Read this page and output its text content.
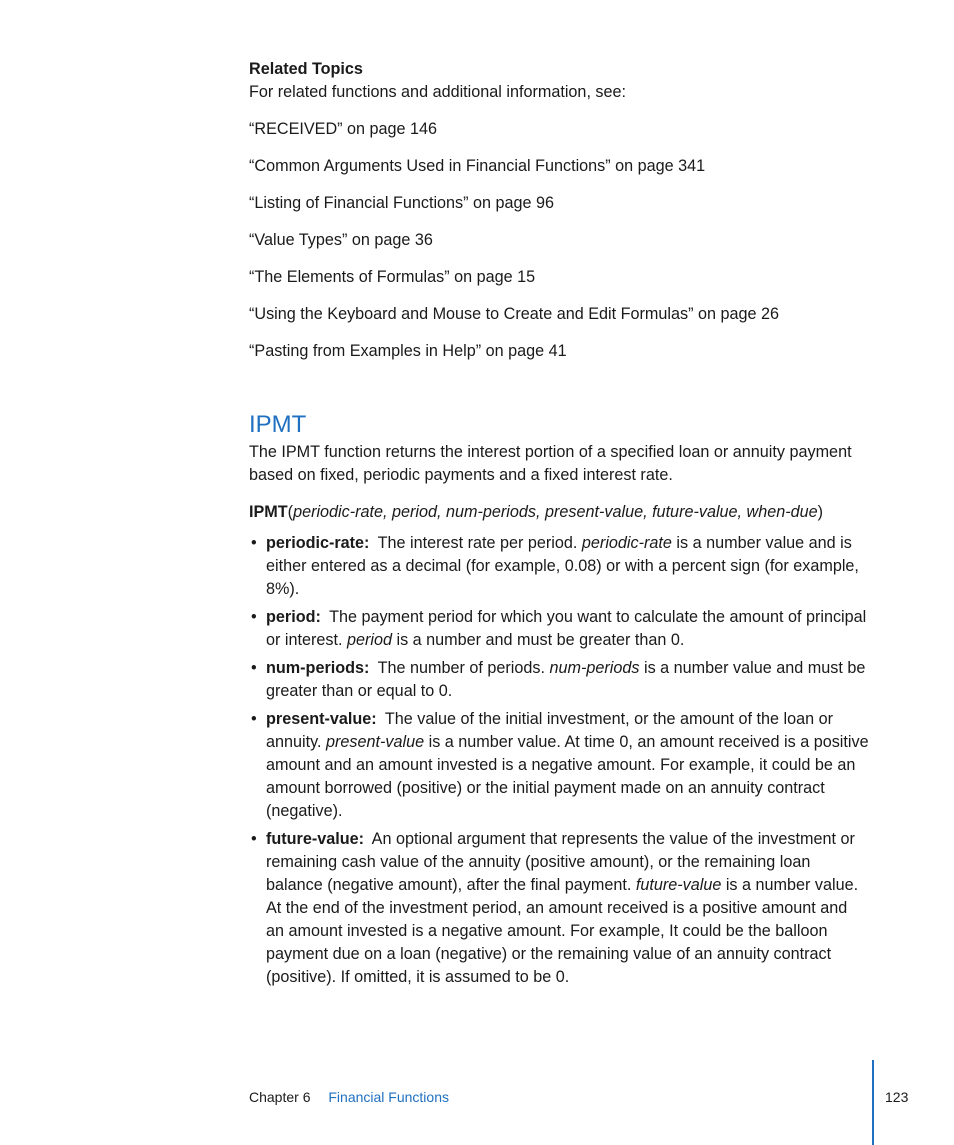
Related Topics

For related functions and additional information, see:

“RECEIVED” on page 146

“Common Arguments Used in Financial Functions” on page 341

“Listing of Financial Functions” on page 96

“Value Types” on page 36

“The Elements of Formulas” on page 15

“Using the Keyboard and Mouse to Create and Edit Formulas” on page 26

“Pasting from Examples in Help” on page 41

IPMT

The IPMT function returns the interest portion of a specified loan or annuity payment based on fixed, periodic payments and a fixed interest rate.

IPMT(periodic-rate, period, num-periods, present-value, future-value, when-due)

• periodic-rate: The interest rate per period. periodic-rate is a number value and is either entered as a decimal (for example, 0.08) or with a percent sign (for example, 8%).
• period: The payment period for which you want to calculate the amount of principal or interest. period is a number and must be greater than 0.
• num-periods: The number of periods. num-periods is a number value and must be greater than or equal to 0.
• present-value: The value of the initial investment, or the amount of the loan or annuity. present-value is a number value. At time 0, an amount received is a positive amount and an amount invested is a negative amount. For example, it could be an amount borrowed (positive) or the initial payment made on an annuity contract (negative).
• future-value: An optional argument that represents the value of the investment or remaining cash value of the annuity (positive amount), or the remaining loan balance (negative amount), after the final payment. future-value is a number value. At the end of the investment period, an amount received is a positive amount and an amount invested is a negative amount. For example, It could be the balloon payment due on a loan (negative) or the remaining value of an annuity contract (positive). If omitted, it is assumed to be 0.
Chapter 6 Financial Functions	123
